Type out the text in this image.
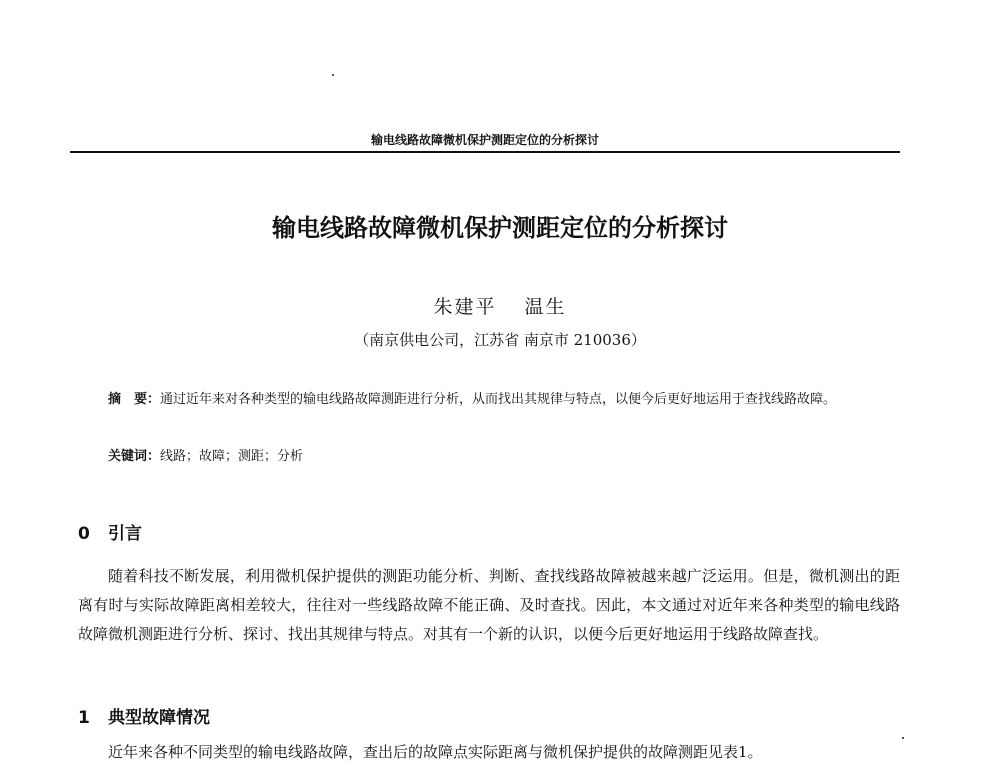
输电线路故障微机保护测距定位的分析探讨
输电线路故障微机保护测距定位的分析探讨
朱建平 温生
（南京供电公司，江苏省 南京市 210036）
摘　要：通过近年来对各种类型的输电线路故障测距进行分析，从而找出其规律与特点，以便今后更好地运用于查找线路故障。
关键词：线路；故障；测距；分析
0 引言
随着科技不断发展，利用微机保护提供的测距功能分析、判断、查找线路故障被越来越广泛运用。但是，微机测出的距离有时与实际故障距离相差较大，往往对一些线路故障不能正确、及时查找。因此，本文通过对近年来各种类型的输电线路故障微机测距进行分析、探讨、找出其规律与特点。对其有一个新的认识，以便今后更好地运用于线路故障查找。
1 典型故障情况
近年来各种不同类型的输电线路故障，查出后的故障点实际距离与微机保护提供的故障测距见表1。
